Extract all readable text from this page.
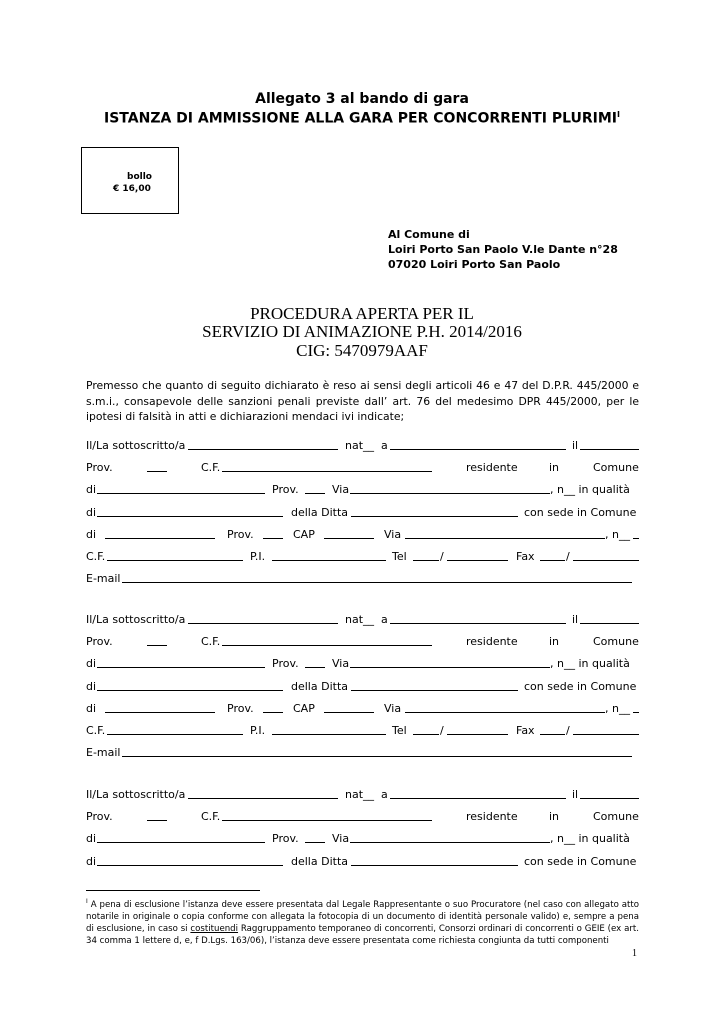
Allegato 3 al bando di gara
ISTANZA DI AMMISSIONE ALLA GARA PER CONCORRENTI $PLURIMI^I$
bollo
€ 16,00
Al Comune di
Loiri Porto San Paolo V.le Dante n°28
07020 Loiri Porto San Paolo
PROCEDURA APERTA PER IL
SERVIZIO DI ANIMAZIONE P.H. 2014/2016
CIG: 5470979AAF
Premesso che quanto di seguito dichiarato è reso ai sensi degli articoli 46 e 47 del D.P.R. 445/2000 e s.m.i., consapevole delle sanzioni penali previste dall’ art. 76 del medesimo DPR 445/2000, per le ipotesi di falsità in atti e dichiarazioni mendaci ivi indicate;
Il/La sottoscritto/a	nat__ a	il
Prov.	C.F.	residente	in	Comune
di	Prov.	Via	, n__ in qualità
di	della Ditta	con sede in Comune
di	Prov.	CAP	Via	, n__
C.F.	P.I.	Tel	/	Fax	/
E-mail
Il/La sottoscritto/a	nat__ a	il
Prov.	C.F.	residente	in	Comune
di	Prov.	Via	, n__ in qualità
di	della Ditta	con sede in Comune
di	Prov.	CAP	Via	, n__
C.F.	P.I.	Tel	/	Fax	/
E-mail
Il/La sottoscritto/a	nat__ a	il
Prov.	C.F.	residente	in	Comune
di	Prov.	Via	, n__ in qualità
di	della Ditta	con sede in Comune
$^I$ A pena di esclusione l’istanza deve essere presentata dal Legale Rappresentante o suo Procuratore (nel caso con allegato atto notarile in originale o copia conforme con allegata la fotocopia di un documento di identità personale valido) e, sempre a pena di esclusione, in caso si costituendi Raggruppamento temporaneo di concorrenti, Consorzi ordinari di concorrenti o GEIE (ex art. 34 comma 1 lettere d, e, f D.Lgs. 163/06), l’istanza deve essere presentata come richiesta congiunta da tutti componenti
1
